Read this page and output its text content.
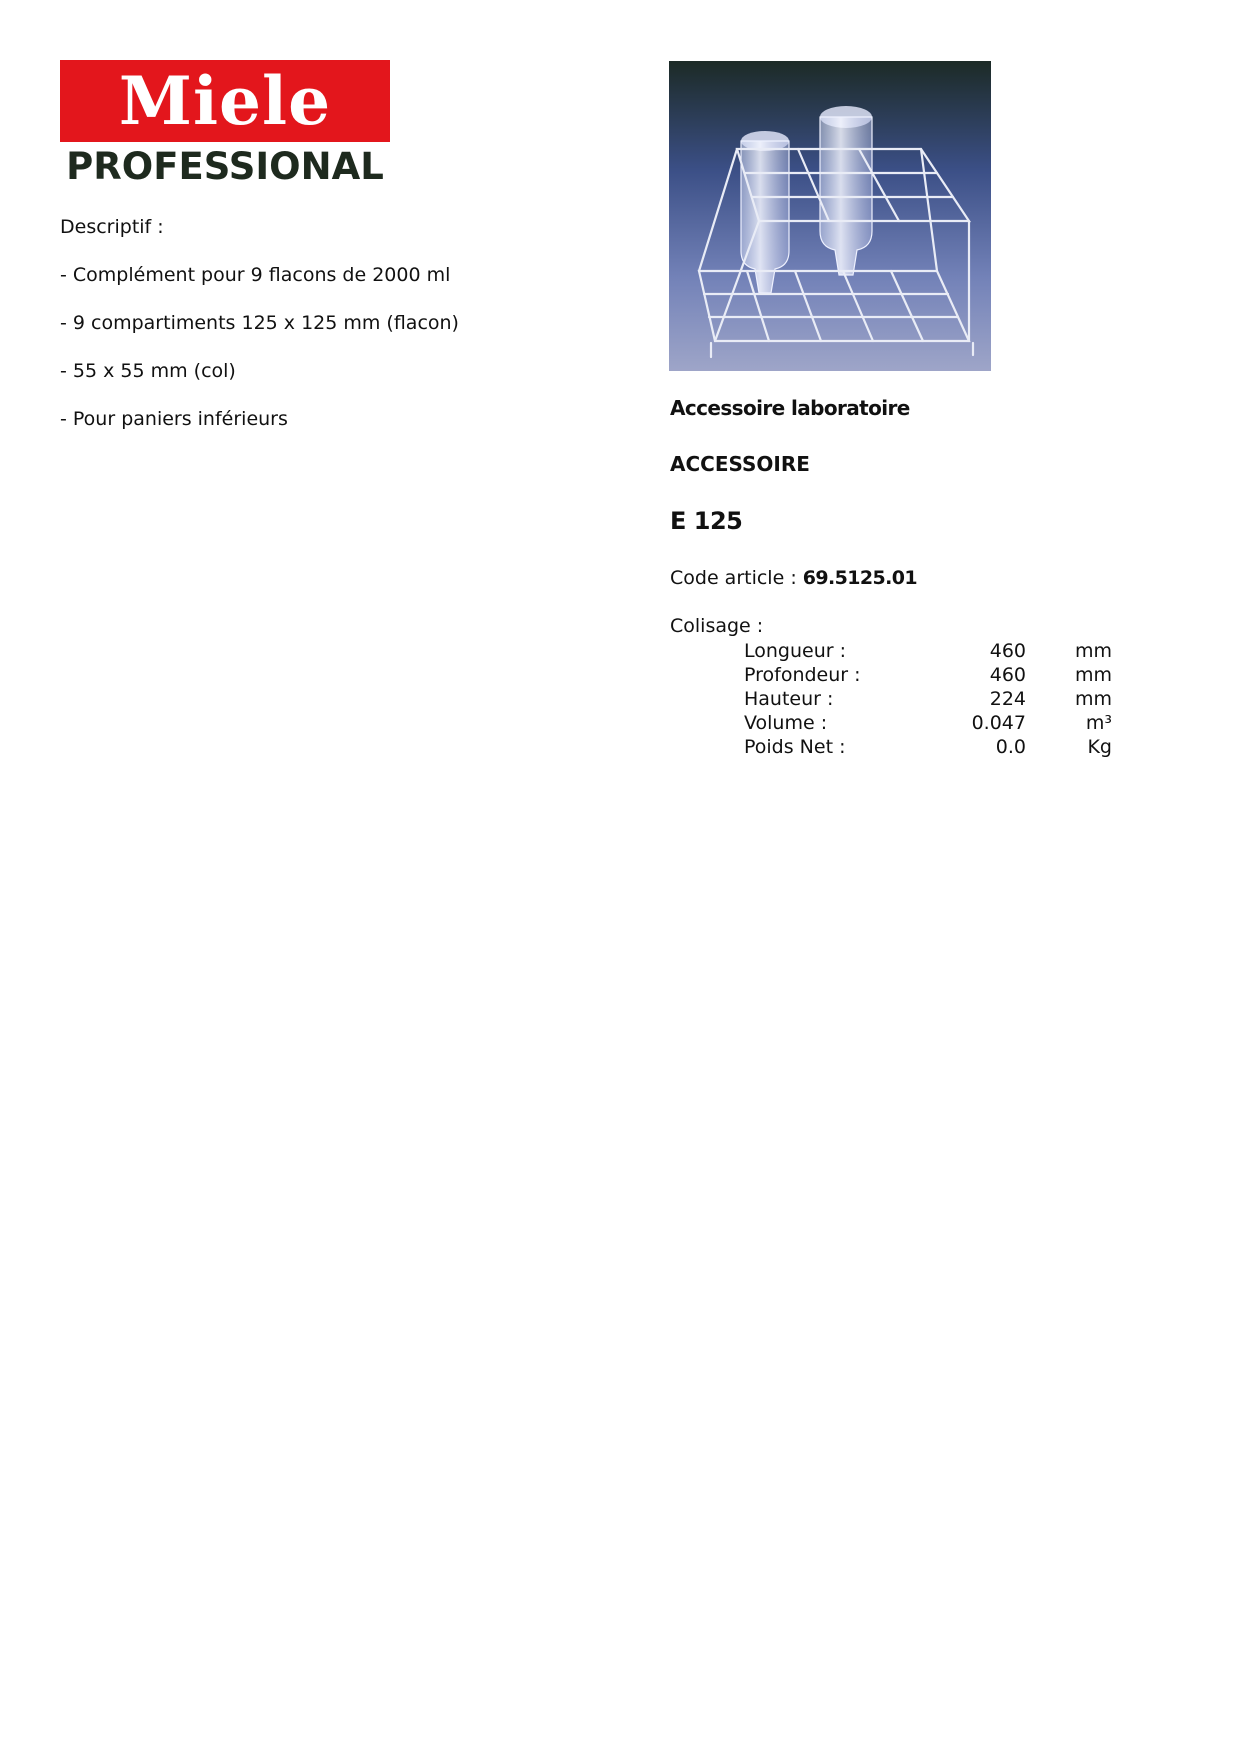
Miele
PROFESSIONAL
Descriptif :
- Complément pour 9 flacons de 2000 ml
- 9 compartiments 125 x 125 mm (flacon)
- 55 x 55 mm (col)
- Pour paniers inférieurs	Accessoire laboratoire
ACCESSOIRE
E 125
Code article : 69.5125.01
Colisage :
Longueur :	460	mm
Profondeur :	460	mm
Hauteur :	224	mm
Volume :	0.047	m³
Poids Net :	0.0	Kg
